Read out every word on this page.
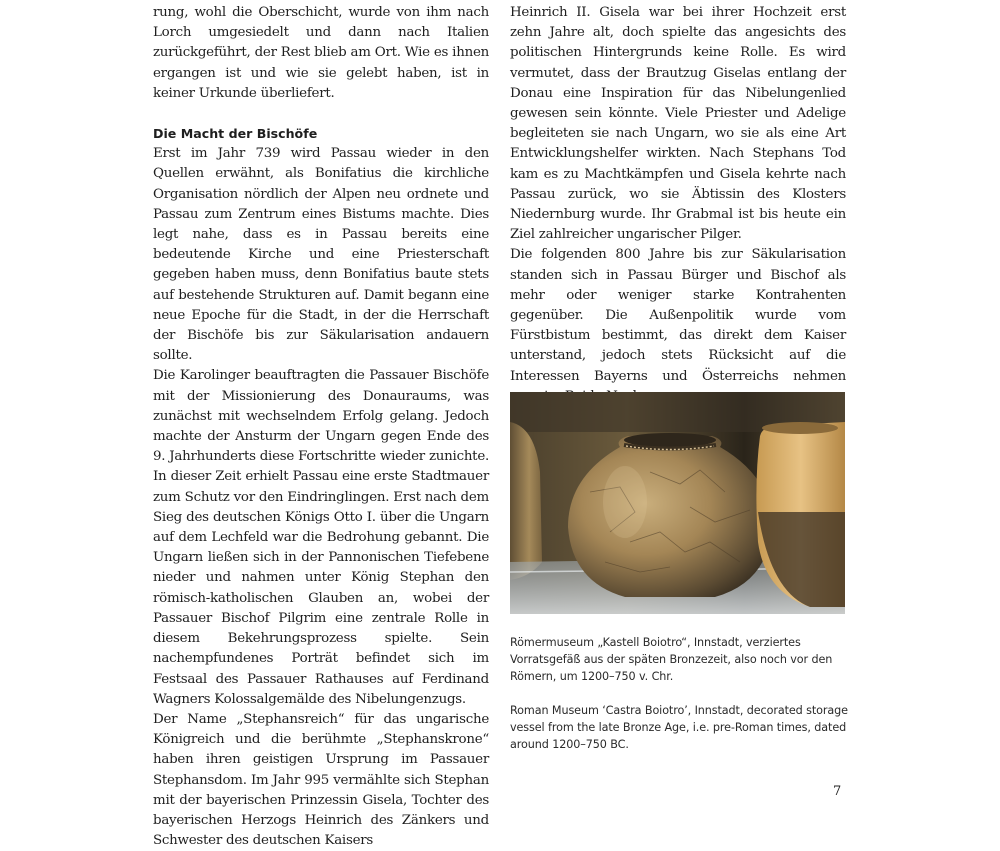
rung, wohl die Oberschicht, wurde von ihm nach Lorch umgesiedelt und dann nach Italien zurückgeführt, der Rest blieb am Ort. Wie es ihnen ergangen ist und wie sie gelebt haben, ist in keiner Urkunde überliefert.

Die Macht der Bischöfe

Erst im Jahr 739 wird Passau wieder in den Quellen erwähnt, als Bonifatius die kirchliche Organisation nördlich der Alpen neu ordnete und Passau zum Zentrum eines Bistums machte. Dies legt nahe, dass es in Passau bereits eine bedeutende Kirche und eine Priesterschaft gegeben haben muss, denn Bonifatius baute stets auf bestehende Strukturen auf. Damit begann eine neue Epoche für die Stadt, in der die Herrschaft der Bischöfe bis zur Säkularisation andauern sollte.

Die Karolinger beauftragten die Passauer Bischöfe mit der Missionierung des Donauraums, was zunächst mit wechselndem Erfolg gelang. Jedoch machte der Ansturm der Ungarn gegen Ende des 9. Jahrhunderts diese Fortschritte wieder zunichte. In dieser Zeit erhielt Passau eine erste Stadtmauer zum Schutz vor den Eindringlingen. Erst nach dem Sieg des deutschen Königs Otto I. über die Ungarn auf dem Lechfeld war die Bedrohung gebannt. Die Ungarn ließen sich in der Pannonischen Tiefebene nieder und nahmen unter König Stephan den römisch-katholischen Glauben an, wobei der Passauer Bischof Pilgrim eine zentrale Rolle in diesem Bekehrungsprozess spielte. Sein nachempfundenes Porträt befindet sich im Festsaal des Passauer Rathauses auf Ferdinand Wagners Kolossalgemälde des Nibelungenzugs.

Der Name „Stephansreich“ für das ungarische Königreich und die berühmte „Stephanskrone“ haben ihren geistigen Ursprung im Passauer Stephansdom. Im Jahr 995 vermählte sich Stephan mit der bayerischen Prinzessin Gisela, Tochter des bayerischen Herzogs Heinrich des Zänkers und Schwester des deutschen Kaisers

Heinrich II. Gisela war bei ihrer Hochzeit erst zehn Jahre alt, doch spielte das angesichts des politischen Hintergrunds keine Rolle. Es wird vermutet, dass der Brautzug Giselas entlang der Donau eine Inspiration für das Nibelungenlied gewesen sein könnte. Viele Priester und Adelige begleiteten sie nach Ungarn, wo sie als eine Art Entwicklungshelfer wirkten. Nach Stephans Tod kam es zu Machtkämpfen und Gisela kehrte nach Passau zurück, wo sie Äbtissin des Klosters Niedernburg wurde. Ihr Grabmal ist bis heute ein Ziel zahlreicher ungarischer Pilger.

Die folgenden 800 Jahre bis zur Säkularisation standen sich in Passau Bürger und Bischof als mehr oder weniger starke Kontrahenten gegenüber. Die Außenpolitik wurde vom Fürstbistum bestimmt, das direkt dem Kaiser unterstand, jedoch stets Rücksicht auf die Interessen Bayerns und Österreichs nehmen

Römermuseum „Kastell Boiotro“, Innstadt, verziertes Vorratsgefäß aus der späten Bronzezeit, also noch vor den Römern, um 1200–750 v. Chr.

Roman Museum ‘Castra Boiotro’, Innstadt, decorated storage vessel from the late Bronze Age, i.e. pre-Roman times, dated around 1200–750 BC.

7
